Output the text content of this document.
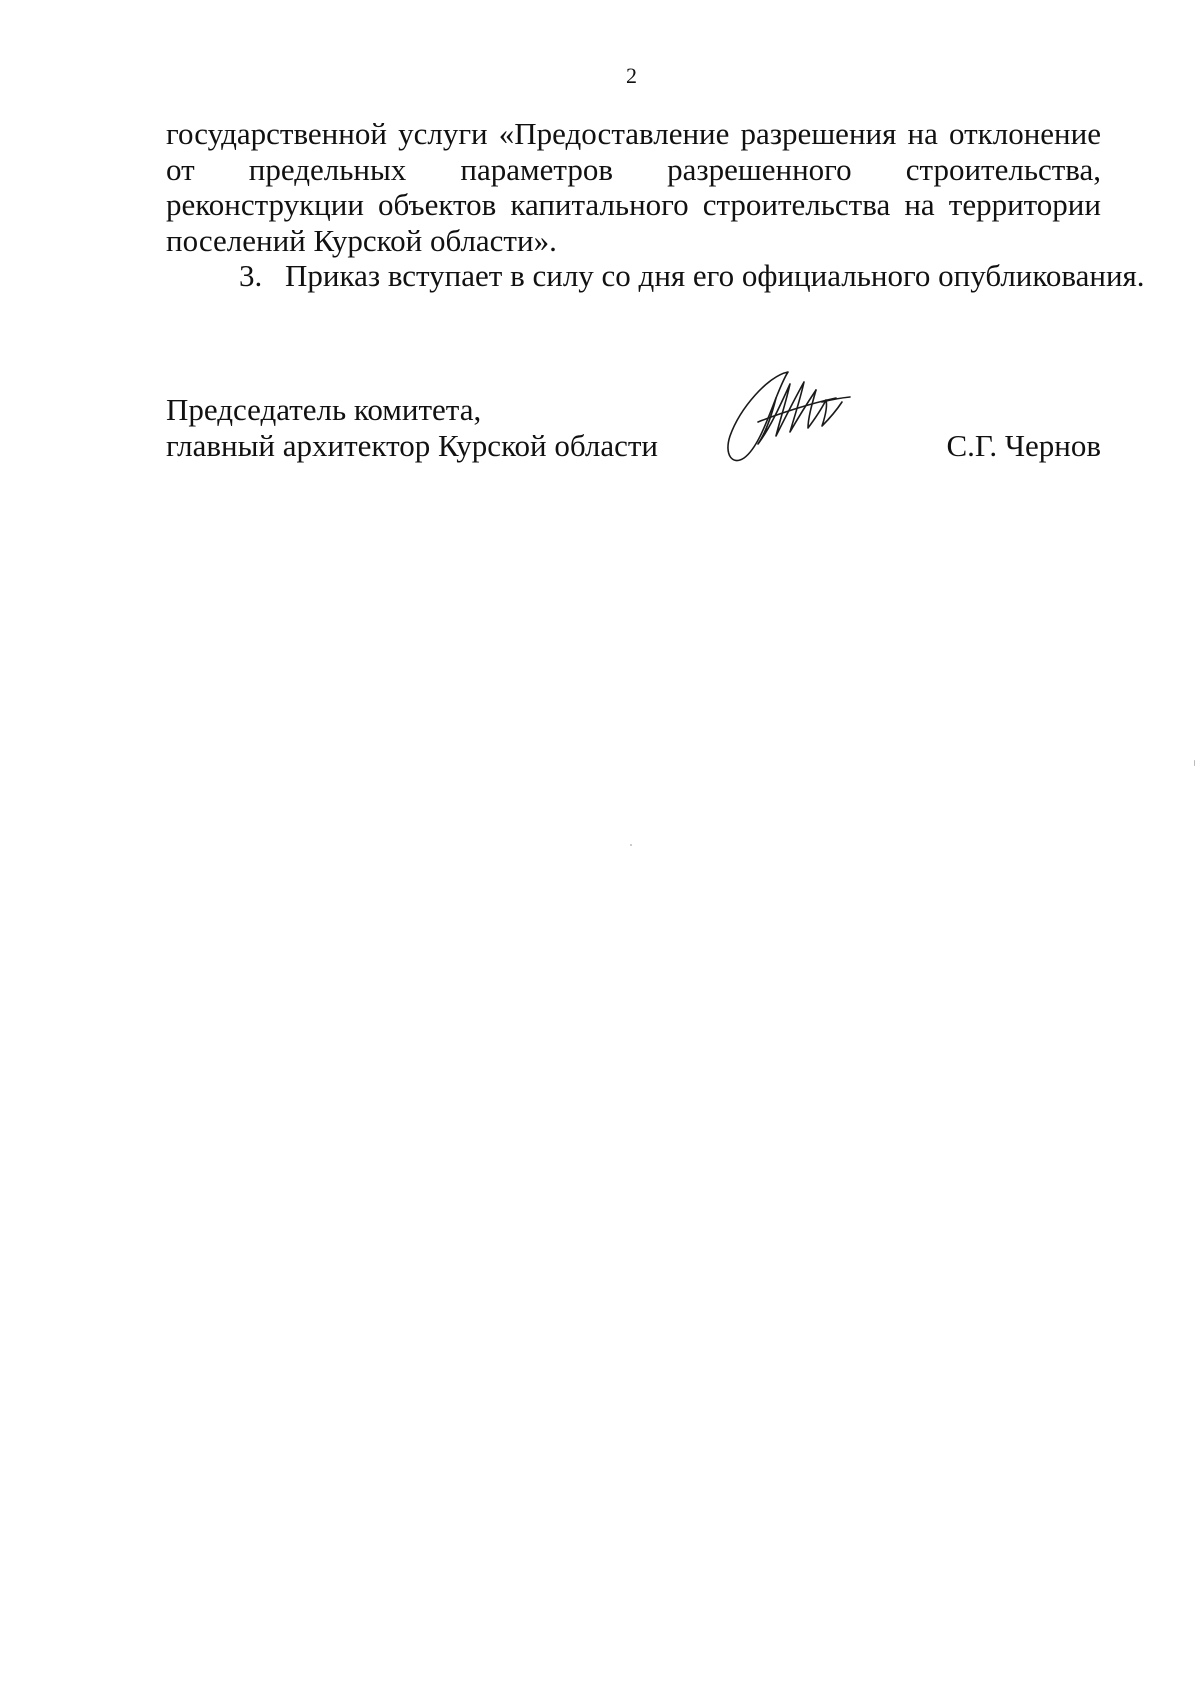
2

государственной услуги «Предоставление разрешения на отклонение от предельных параметров разрешенного строительства, реконструкции объектов капитального строительства на территории поселений Курской области».

3. Приказ вступает в силу со дня его официального опубликования.

Председатель комитета,
главный архитектор Курской области	С.Г. Чернов
